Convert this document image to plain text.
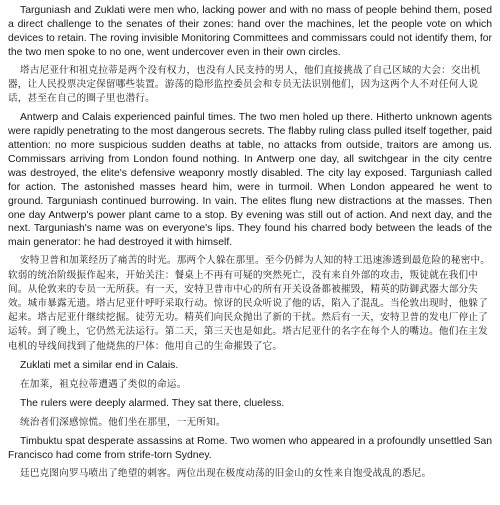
Targuniash and Zuklati were men who, lacking power and with no mass of people behind them, posed a direct challenge to the senates of their zones: hand over the machines, let the people vote on which devices to retain. The roving invisible Monitoring Committees and commissars could not identify them, for the two men spoke to no one, went undercover even in their own circles.

塔古尼亚什和祖克拉蒂是两个没有权力，也没有人民支持的男人，他们直接挑战了自己区域的大会：交出机器，让人民投票决定保留哪些装置。游荡的隐形监控委员会和专员无法识别他们，因为这两个人不对任何人说话，甚至在自己的圈子里也潜行。

Antwerp and Calais experienced painful times. The two men holed up there. Hitherto unknown agents were rapidly penetrating to the most dangerous secrets. The flabby ruling class pulled itself together, paid attention: no more suspicious sudden deaths at table, no attacks from outside, traitors are among us. Commissars arriving from London found nothing. In Antwerp one day, all switchgear in the city centre was destroyed, the elite's defensive weaponry mostly disabled. The city lay exposed. Targuniash called for action. The astonished masses heard him, were in turmoil. When London appeared he went to ground. Targuniash continued burrowing. In vain. The elites flung new distractions at the masses. Then one day Antwerp's power plant came to a stop. By evening was still out of action. And next day, and the next. Targuniash's name was on everyone's lips. They found his charred body between the leads of the main generator: he had destroyed it with himself.

安特卫普和加莱经历了痛苦的时光。那两个人躲在那里。至今仍鲜为人知的特工迅速渗透到最危险的秘密中。软弱的统治阶级振作起来，开始关注：餐桌上不再有可疑的突然死亡，没有来自外部的攻击，叛徒就在我们中间。从伦敦来的专员一无所获。有一天，安特卫普市中心的所有开关设备都被摧毁，精英的防御武器大部分失效。城市暴露无遗。塔古尼亚什呼吁采取行动。惊讶的民众听说了他的话，陷入了混乱。当伦敦出现时，他躲了起来。塔古尼亚什继续挖掘。徒劳无功。精英们向民众抛出了新的干扰。然后有一天，安特卫普的发电厂停止了运转。到了晚上，它仍然无法运行。第二天，第三天也是如此。塔古尼亚什的名字在每个人的嘴边。他们在主发电机的导线间找到了他烧焦的尸体：他用自己的生命摧毁了它。

Zuklati met a similar end in Calais.

在加莱，祖克拉蒂遭遇了类似的命运。

The rulers were deeply alarmed. They sat there, clueless.

统治者们深感惊慌。他们坐在那里，一无所知。

Timbuktu spat desperate assassins at Rome. Two women who appeared in a profoundly unsettled San Francisco had come from strife-torn Sydney.

廷巴克图向罗马喷出了绝望的刺客。两位出现在极度动荡的旧金山的女性来自饱受战乱的悉尼。
